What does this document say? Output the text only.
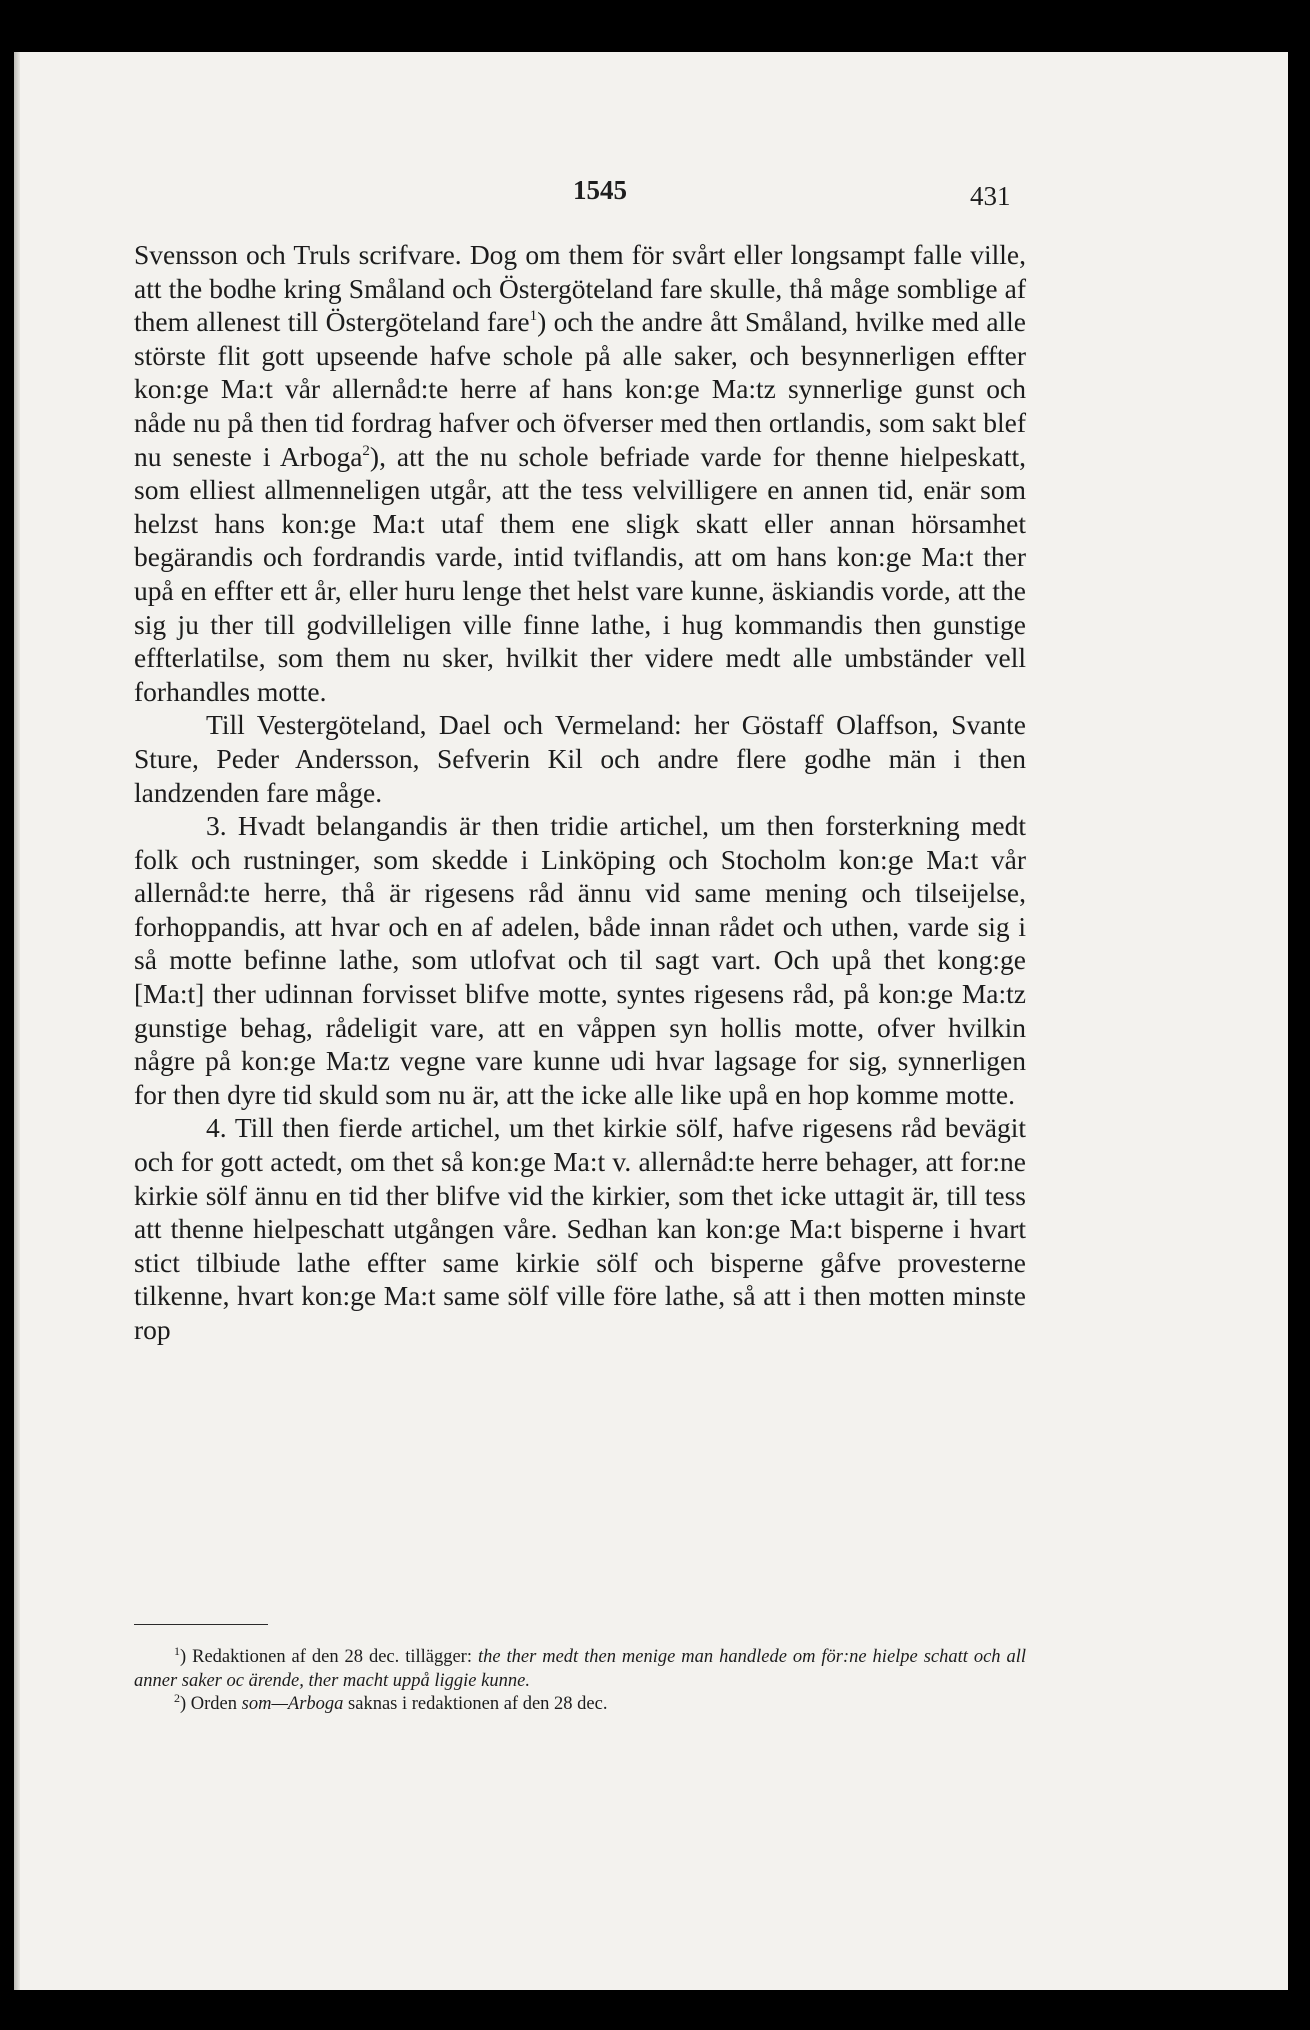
1545	431

Svensson och Truls scrifvare. Dog om them för svårt eller longsampt falle ville, att the bodhe kring Småland och Östergöteland fare skulle, thå måge somblige af them allenest till Östergöteland fare$^1$) och the andre ått Småland, hvilke med alle störste flit gott upseende hafve schole på alle saker, och besynnerligen effter kon:ge Ma:t vår allernåd:te herre af hans kon:ge Ma:tz synnerlige gunst och nåde nu på then tid fordrag hafver och öfverser med then ortlandis, som sakt blef nu seneste i Arboga$^2$), att the nu schole befriade varde for thenne hielpeskatt, som elliest allmenneligen utgår, att the tess velvilligere en annen tid, enär som helzst hans kon:ge Ma:t utaf them ene sligk skatt eller annan hörsamhet begärandis och fordrandis varde, intid tviflandis, att om hans kon:ge Ma:t ther upå en effter ett år, eller huru lenge thet helst vare kunne, äskiandis vorde, att the sig ju ther till godvilleligen ville finne lathe, i hug kommandis then gunstige effterlatilse, som them nu sker, hvilkit ther videre medt alle umbständer vell forhandles motte.

Till Vestergöteland, Dael och Vermeland: her Göstaff Olaffson, Svante Sture, Peder Andersson, Sefverin Kil och andre flere godhe män i then landzenden fare måge.

3. Hvadt belangandis är then tridie artichel, um then forsterkning medt folk och rustninger, som skedde i Linköping och Stocholm kon:ge Ma:t vår allernåd:te herre, thå är rigesens råd ännu vid same mening och tilseijelse, forhoppandis, att hvar och en af adelen, både innan rådet och uthen, varde sig i så motte befinne lathe, som utlofvat och til sagt vart. Och upå thet kong:ge [Ma:t] ther udinnan forvisset blifve motte, syntes rigesens råd, på kon:ge Ma:tz gunstige behag, rådeligit vare, att en våppen syn hollis motte, ofver hvilkin någre på kon:ge Ma:tz vegne vare kunne udi hvar lagsage for sig, synnerligen for then dyre tid skuld som nu är, att the icke alle like upå en hop komme motte.

4. Till then fierde artichel, um thet kirkie sölf, hafve rigesens råd bevägit och for gott actedt, om thet så kon:ge Ma:t v. allernåd:te herre behager, att for:ne kirkie sölf ännu en tid ther blifve vid the kirkier, som thet icke uttagit är, till tess att thenne hielpeschatt utgången våre. Sedhan kan kon:ge Ma:t bisperne i hvart stict tilbiude lathe effter same kirkie sölf och bisperne gåfve provesterne tilkenne, hvart kon:ge Ma:t same sölf ville före lathe, så att i then motten minste rop

$^1$) Redaktionen af den 28 dec. tillägger: the ther medt then menige man handlede om för:ne hielpe schatt och all anner saker oc ärende, ther macht uppå liggie kunne.

$^2$) Orden som—Arboga saknas i redaktionen af den 28 dec.
